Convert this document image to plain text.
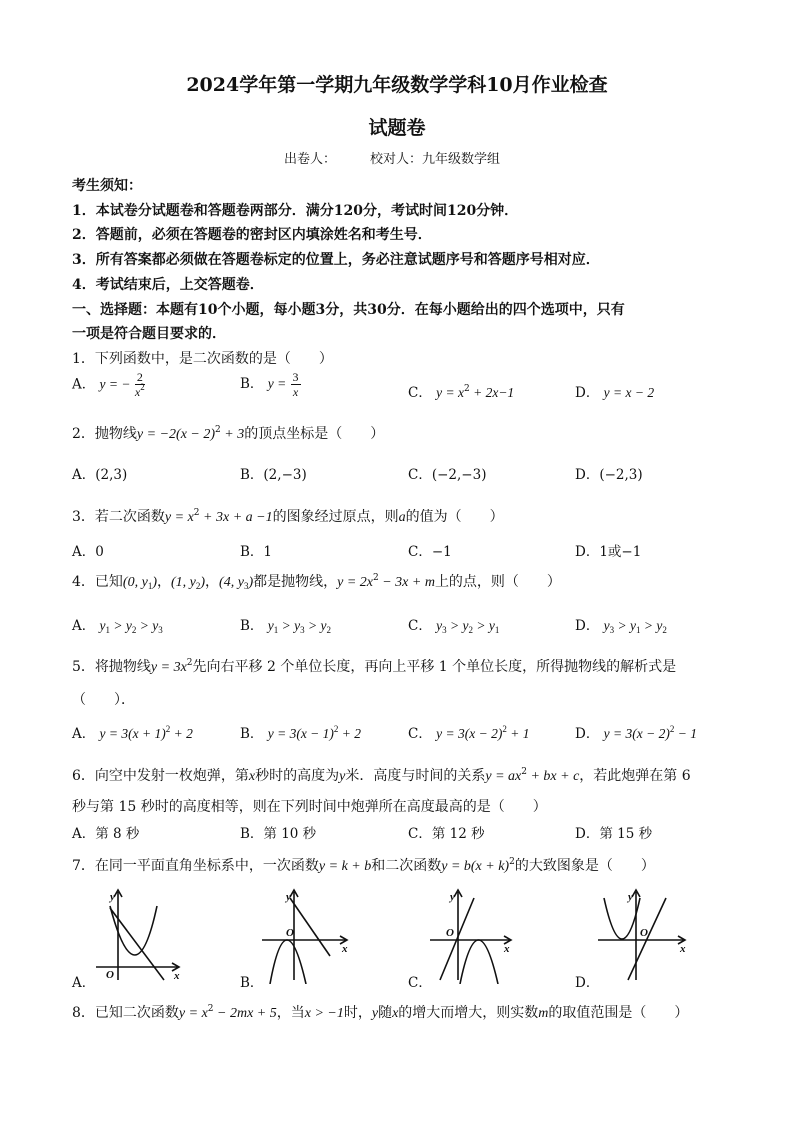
2024学年第一学期九年级数学学科10月作业检查
试题卷
出卷人：	校对人：九年级数学组
考生须知：
1．本试卷分试题卷和答题卷两部分．满分120分，考试时间120分钟．
2．答题前，必须在答题卷的密封区内填涂姓名和考生号．
3．所有答案都必须做在答题卷标定的位置上，务必注意试题序号和答题序号相对应．
4．考试结束后，上交答题卷．
一、选择题：本题有10个小题，每小题3分，共30分．在每小题给出的四个选项中，只有
一项是符合题目要求的．
1．下列函数中，是二次函数的是（　　）
A． y = − $\frac{2}{x^2}$	B． $y = \frac{3}{x}$	C． $y = x^2 + 2x-1$	D． y = x − 2
2．抛物线$y = -2(x - 2)^2 + 3$的顶点坐标是（　　）
A．(2,3)	B．(2,−3)	C．(−2,−3)	D．(−2,3)
3．若二次函数$y = x^2 + 3x + a -1$的图象经过原点，则a的值为（　　）
A．0	B．1	C．−1	D．1或−1
4．已知(0, $y_1$)，(1, $y_2$)，(4, $y_3$)都是抛物线，$y = 2x^2 - 3x + m$上的点，则（　　）
A． $y_1 > y_2 > y_3$	B． $y_1 > y_3 > y_2$	C． $y_3 > y_2 > y_1$	D． $y_3 > y_1 > y_2$
5．将抛物线$y = 3x^2$先向右平移 2 个单位长度，再向上平移 1 个单位长度，所得抛物线的解析式是
（　　）．
A． $y = 3(x + 1)^2 + 2$	B． $y = 3(x - 1)^2 + 2$	C． $y = 3(x - 2)^2 + 1$	D． $y = 3(x - 2)^2 - 1$
6．向空中发射一枚炮弹，第x秒时的高度为y米．高度与时间的关系$y = ax^2$ + bx + c，若此炮弹在第 6
秒与第 15 秒时的高度相等，则在下列时间中炮弹所在高度最高的是（　　）
A．第 8 秒	B．第 10 秒	C．第 12 秒	D．第 15 秒
7．在同一平面直角坐标系中，一次函数y = k + b和二次函数$y = b(x + k)^2$的大致图象是（　　）
A．	B．	C．	D．
y
O	x
y
O
x
y
O
x
y
O
x
8．已知二次函数$y = x^2 - 2mx + 5$，当x > −1时，y随x的增大而增大，则实数m的取值范围是（　　）
